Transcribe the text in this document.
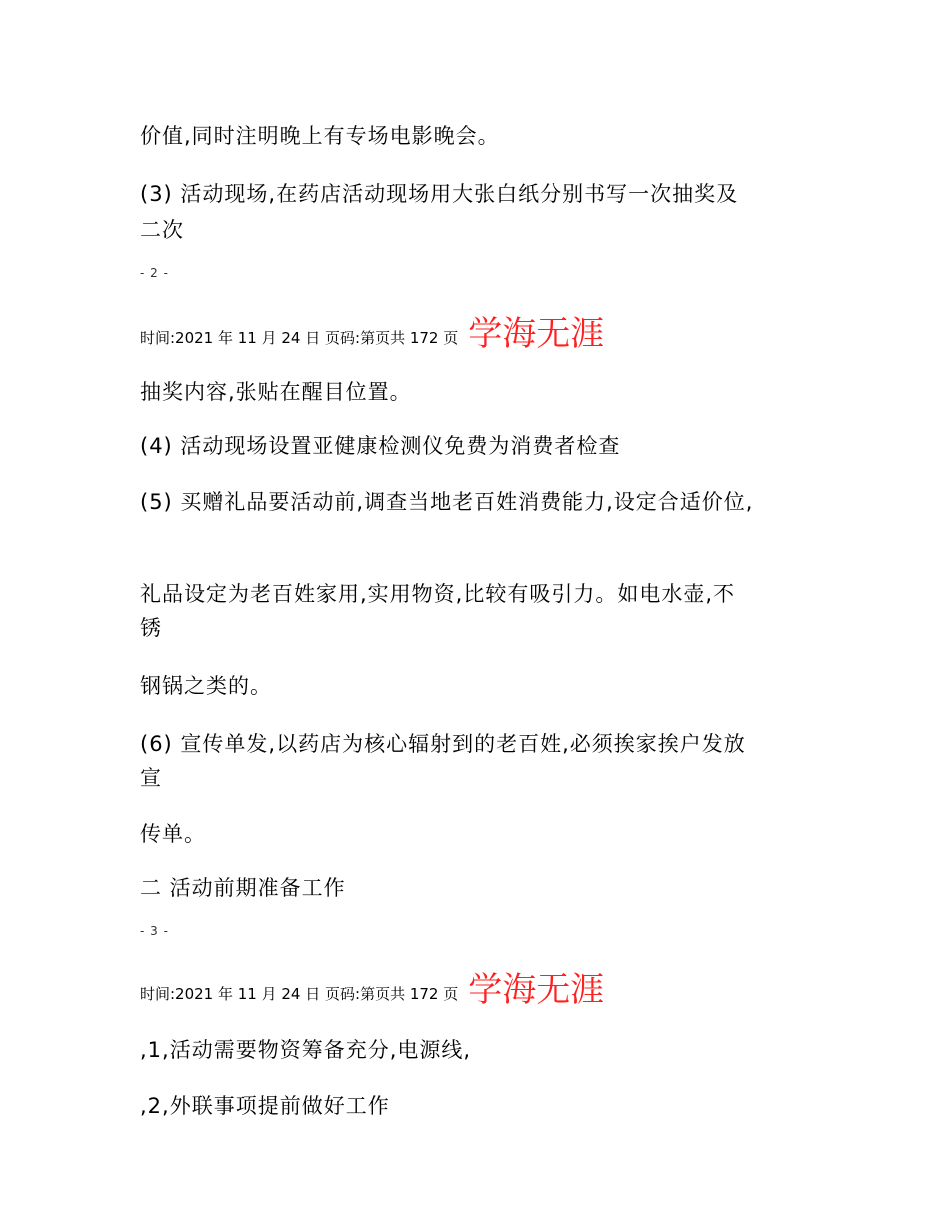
价值,同时注明晚上有专场电影晚会。
(3) 活动现场,在药店活动现场用大张白纸分别书写一次抽奖及
二次
- 2 -
时间:2021 年 11 月 24 日 页码:第页共 172 页 学海无涯
抽奖内容,张贴在醒目位置。
(4) 活动现场设置亚健康检测仪免费为消费者检查
(5) 买赠礼品要活动前,调查当地老百姓消费能力,设定合适价位,
礼品设定为老百姓家用,实用物资,比较有吸引力。如电水壶,不
锈
钢锅之类的。
(6) 宣传单发,以药店为核心辐射到的老百姓,必须挨家挨户发放
宣
传单。
二 活动前期准备工作
- 3 -
时间:2021 年 11 月 24 日 页码:第页共 172 页 学海无涯
,1,活动需要物资筹备充分,电源线,
,2,外联事项提前做好工作
